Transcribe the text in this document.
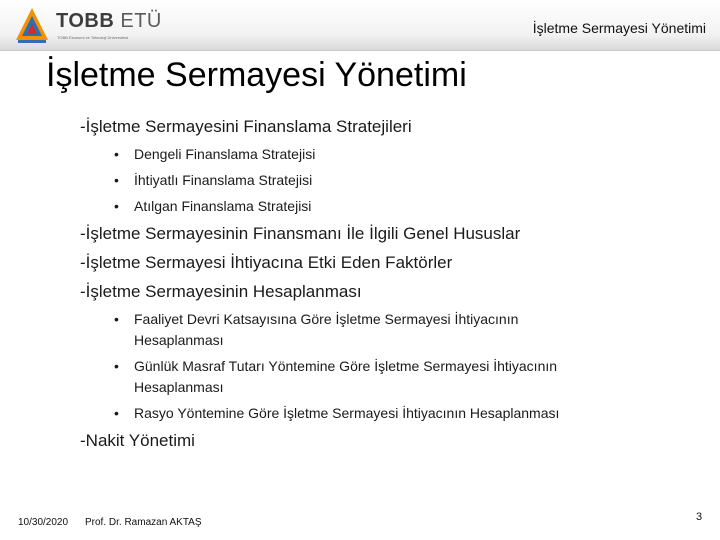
TOBB ETÜ
TOBB Ekonomi ve Teknoloji Üniversitesi
İşletme Sermayesi Yönetimi
İşletme Sermayesi Yönetimi
-İşletme Sermayesini Finanslama Stratejileri
• Dengeli Finanslama Stratejisi
• İhtiyatlı Finanslama Stratejisi
• Atılgan Finanslama Stratejisi
-İşletme Sermayesinin Finansmanı İle İlgili Genel Hususlar
-İşletme Sermayesi İhtiyacına Etki Eden Faktörler
-İşletme Sermayesinin Hesaplanması
• Faaliyet Devri Katsayısına Göre İşletme Sermayesi İhtiyacının
Hesaplanması
• Günlük Masraf Tutarı Yöntemine Göre İşletme Sermayesi İhtiyacının
Hesaplanması
• Rasyo Yöntemine Göre İşletme Sermayesi İhtiyacının Hesaplanması
-Nakit Yönetimi
10/30/2020 Prof. Dr. Ramazan AKTAŞ	3
